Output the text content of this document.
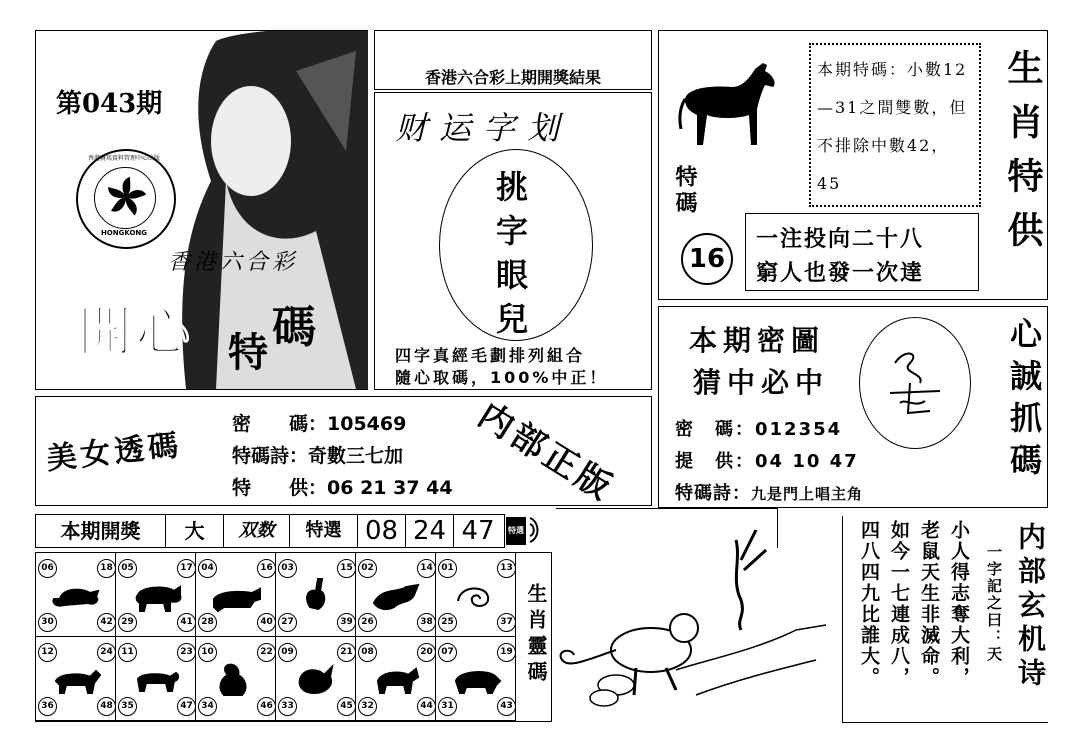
第043期
香港賽馬資料管理中心出版
HONGKONG
香港六合彩
開心 特 碼
香港六合彩上期開獎結果
财运字划
挑
字
眼
兒
四字真經毛劃排列組合
隨心取碼，100%中正！
特碼
16
本期特碼：小數12—31之間雙數，但不排除中數42，45
一注投向二十八
窮人也發一次達
生肖特供
本期密圖
猜中必中
密　碼：012354
提　供：04 10 47
特碼詩：九是門上唱主角
心誠抓碼
美女透碼
密　　碼：105469
特碼詩：奇數三七加
特　　供：06 21 37 44 内部正版
本期開獎	大	双数	特選 08 24 47	特選
06	18
30	42
05	17
29	41
04	16
28	40
03	15
27	39
02	14
26	38
01	13
25	37
12	24
36	48
11	23
35	47
10	22
34	46
09	21
33	45
08	20
32	44
07	19
31	43
生肖靈碼	小人得志奪大利，
老鼠天生非滅命。
如今一七連成八，
四八四九比誰大。	一字記之曰：天 内部玄机诗
